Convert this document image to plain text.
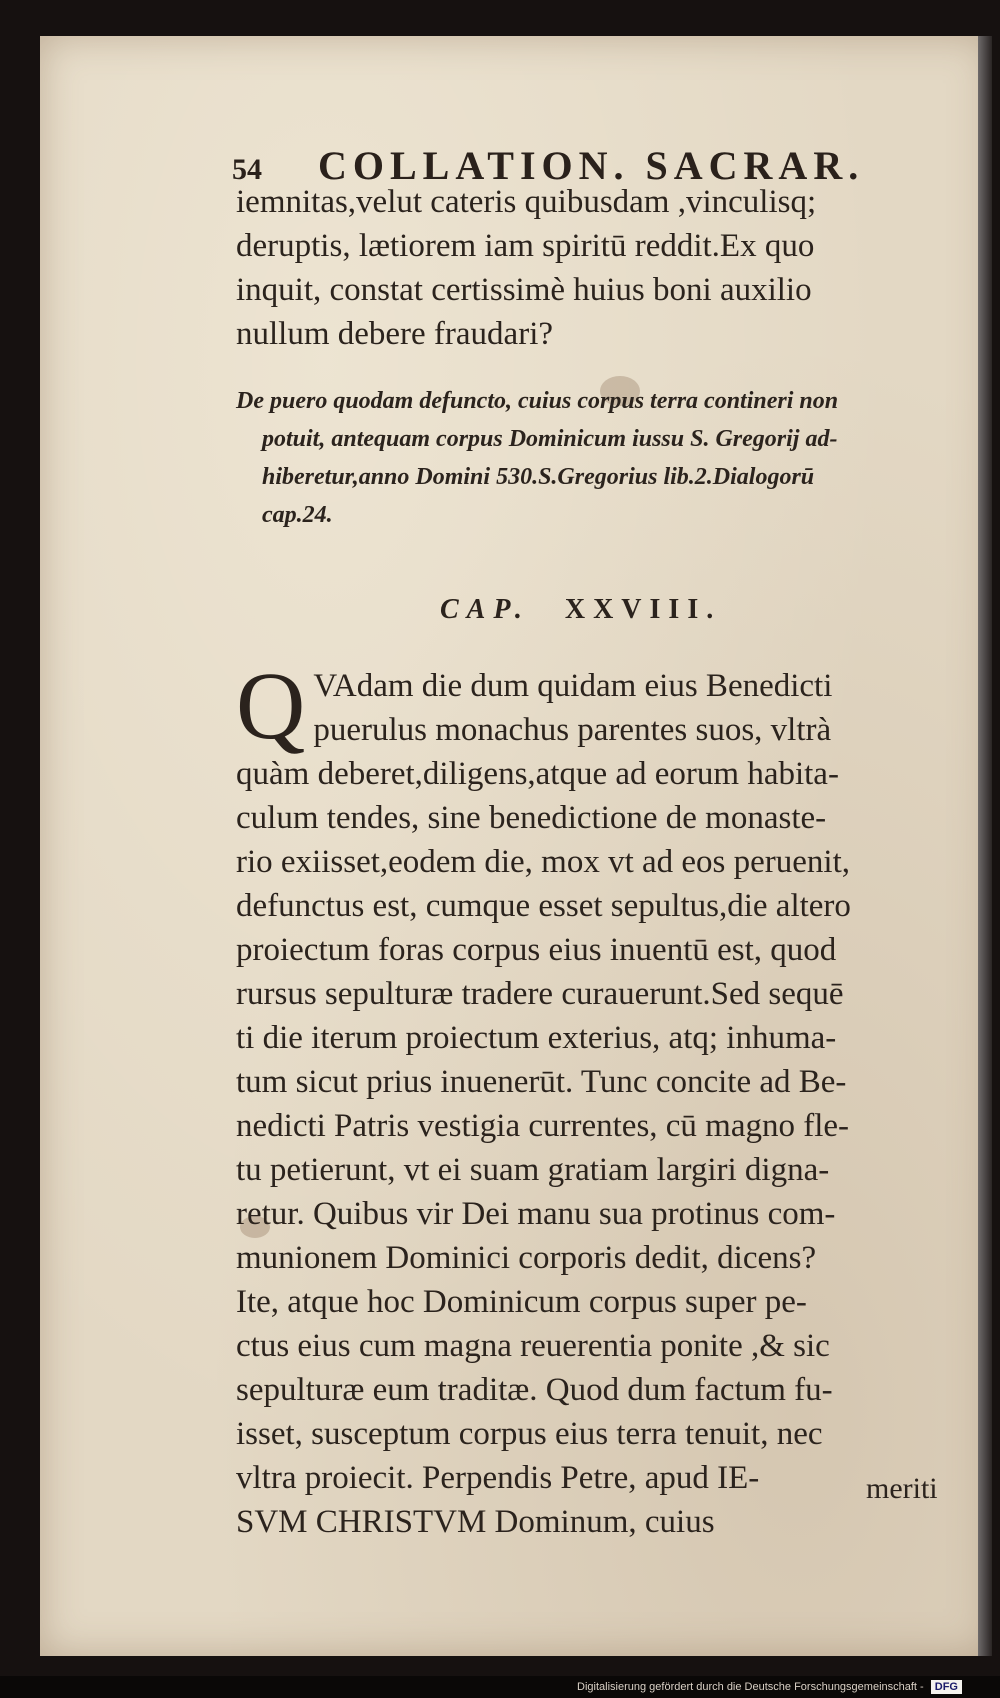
54 COLLATION. SACRAR.
iemnitas,velut cateris quibusdam ,vinculisq;
deruptis, lætiorem iam spiritū reddit.Ex quo
inquit, constat certissimè huius boni auxilio
nullum debere fraudari?
De puero quodam defuncto, cuius corpus terra contineri non
potuit, antequam corpus Dominicum iussu S. Gregorij ad-
hiberetur,anno Domini 530.S.Gregorius lib.2.Dialogorū
cap.24.
CAP. XXVIII.
Q VAdam die dum quidam eius Benedicti
puerulus monachus parentes suos, vltrà
quàm deberet,diligens,atque ad eorum habita-
culum tendes, sine benedictione de monaste-
rio exiisset,eodem die, mox vt ad eos peruenit,
defunctus est, cumque esset sepultus,die altero
proiectum foras corpus eius inuentū est, quod
rursus sepulturæ tradere curauerunt.Sed sequē
ti die iterum proiectum exterius, atq; inhuma-
tum sicut prius inuenerūt. Tunc concite ad Be-
nedicti Patris vestigia currentes, cū magno fle-
tu petierunt, vt ei suam gratiam largiri digna-
retur. Quibus vir Dei manu sua protinus com-
munionem Dominici corporis dedit, dicens?
Ite, atque hoc Dominicum corpus super pe-
ctus eius cum magna reuerentia ponite ,& sic
sepulturæ eum traditæ. Quod dum factum fu-
isset, susceptum corpus eius terra tenuit, nec
vltra proiecit. Perpendis Petre, apud IE-
SVM CHRISTVM Dominum, cuius
meriti
Digitalisierung gefördert durch die Deutsche Forschungsgemeinschaft - DFG
